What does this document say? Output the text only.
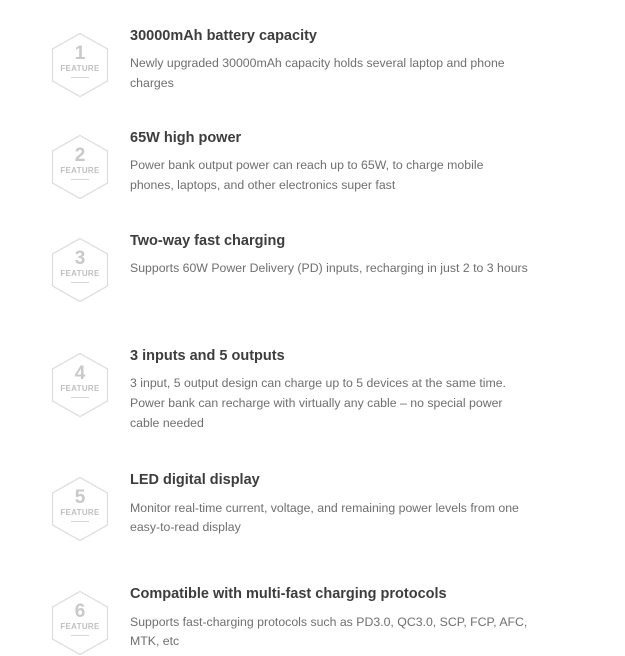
1
FEATURE

30000mAh battery capacity

Newly upgraded 30000mAh capacity holds several laptop and phone charges

2
FEATURE

65W high power

Power bank output power can reach up to 65W, to charge mobile phones, laptops, and other electronics super fast

3
FEATURE

Two-way fast charging

Supports 60W Power Delivery (PD) inputs, recharging in just 2 to 3 hours

4
FEATURE

3 inputs and 5 outputs

3 input, 5 output design can charge up to 5 devices at the same time. Power bank can recharge with virtually any cable – no special power cable needed

5
FEATURE

LED digital display

Monitor real-time current, voltage, and remaining power levels from one easy-to-read display

6
FEATURE

Compatible with multi-fast charging protocols

Supports fast-charging protocols such as PD3.0, QC3.0, SCP, FCP, AFC, MTK, etc
